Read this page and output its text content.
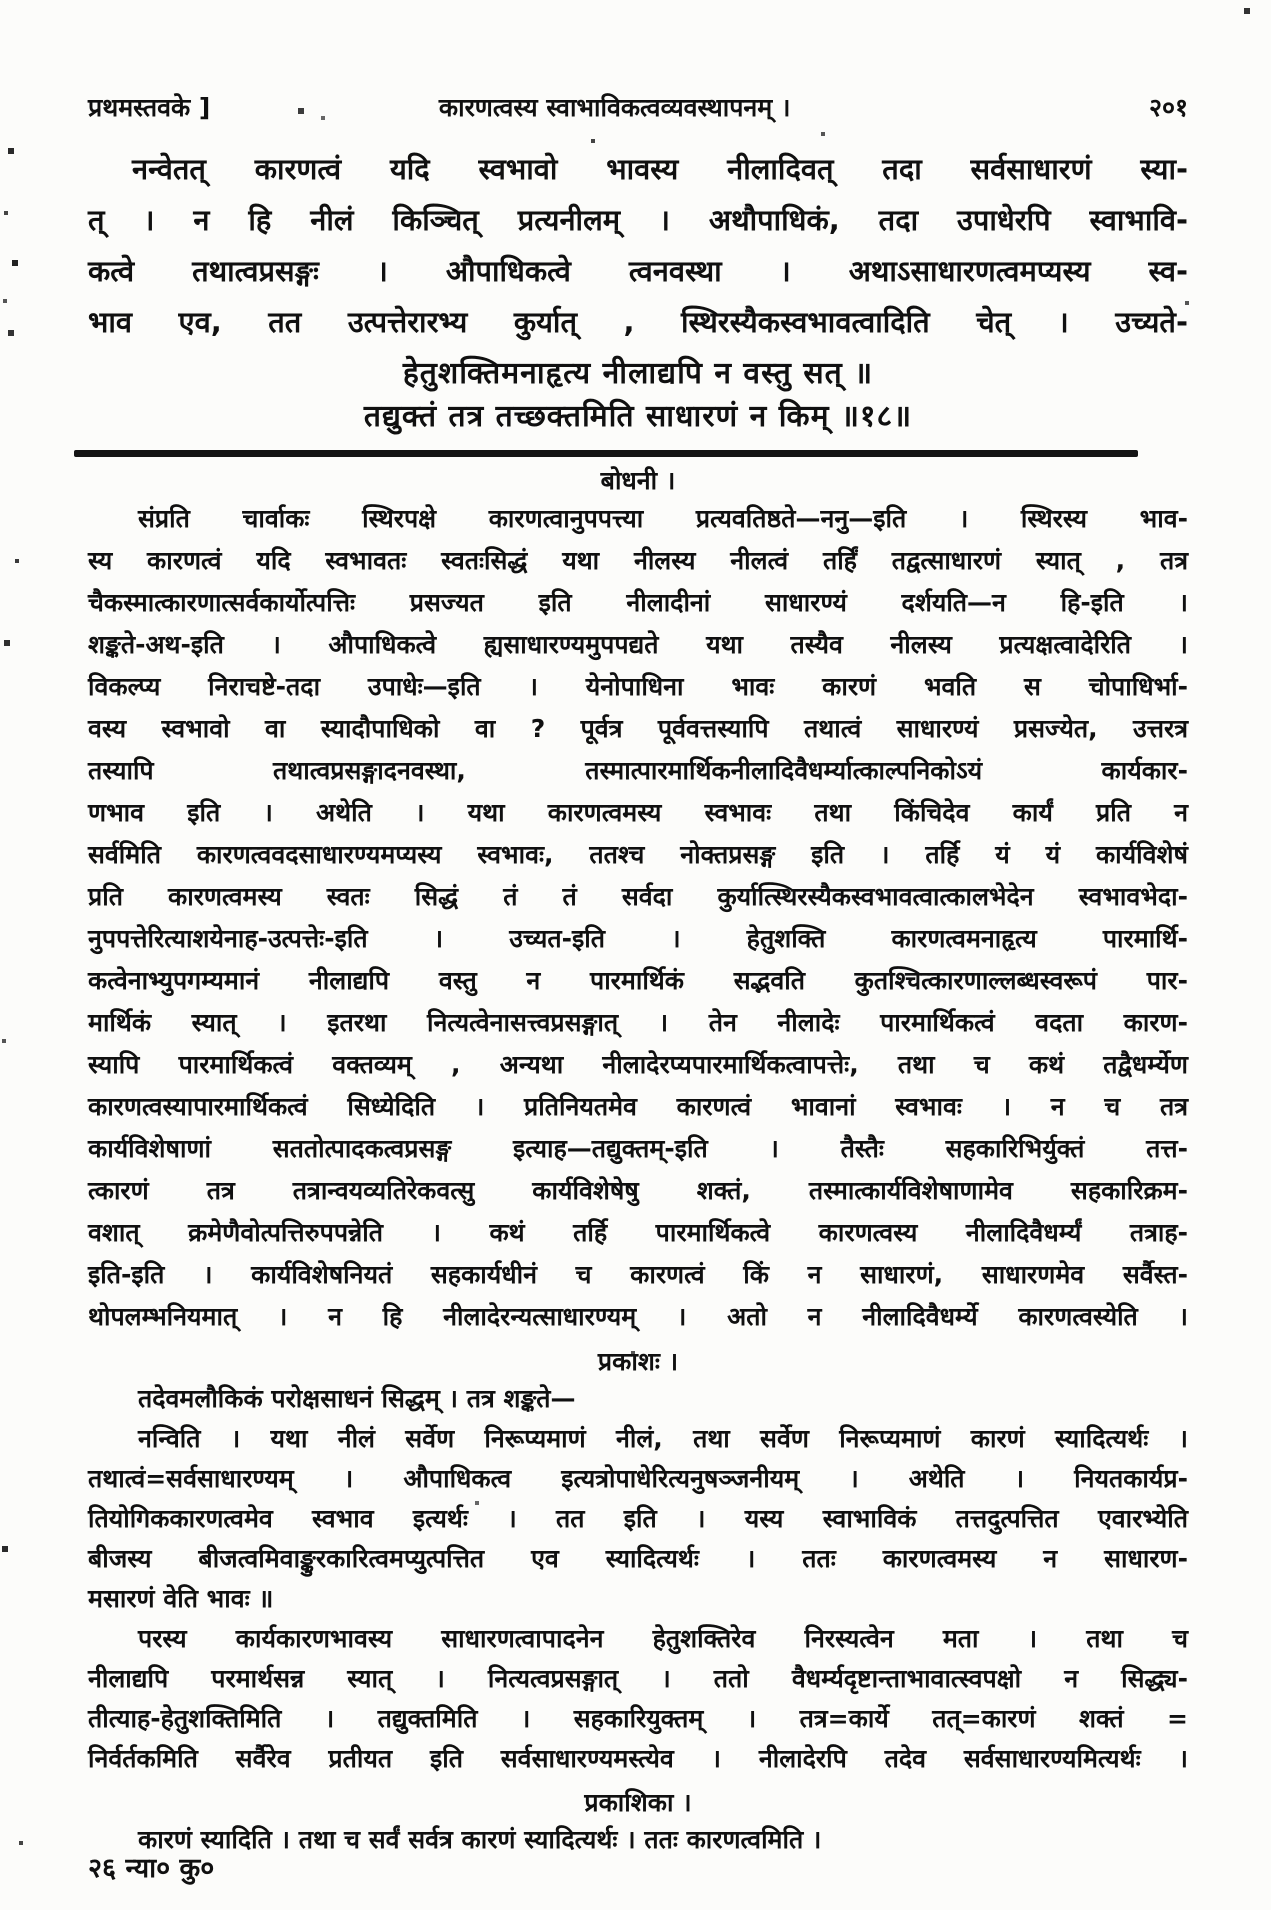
प्रथमस्तवके ]	कारणत्वस्य स्वाभाविकत्वव्यवस्थापनम् ।	२०१
नन्वेतत् कारणत्वं यदि स्वभावो भावस्य नीलादिवत् तदा सर्वसाधारणं स्या-
त् । न हि नीलं किञ्चित् प्रत्यनीलम् । अथौपाधिकं, तदा उपाधेरपि स्वाभावि-
कत्वे तथात्वप्रसङ्गः । औपाधिकत्वे त्वनवस्था । अथाऽसाधारणत्वमप्यस्य स्व-
भाव एव, तत उत्पत्तेरारभ्य कुर्यात् , स्थिरस्यैकस्वभावत्वादिति चेत् । उच्यते-
हेतुशक्तिमनाहृत्य नीलाद्यपि न वस्तु सत् ॥
तद्युक्तं तत्र तच्छक्तमिति साधारणं न किम् ॥१८॥
बोधनी ।
संप्रति चार्वाकः स्थिरपक्षे कारणत्वानुपपत्त्या प्रत्यवतिष्ठते—ननु—इति । स्थिरस्य भाव-
स्य कारणत्वं यदि स्वभावतः स्वतःसिद्धं यथा नीलस्य नीलत्वं तर्हिं तद्वत्साधारणं स्यात् , तत्र
चैकस्मात्कारणात्सर्वकार्योत्पत्तिः प्रसज्यत इति नीलादीनां साधारण्यं दर्शयति—न हि-इति ।
शङ्कते-अथ-इति । औपाधिकत्वे ह्यसाधारण्यमुपपद्यते यथा तस्यैव नीलस्य प्रत्यक्षत्वादेरिति ।
विकल्प्य निराचष्टे-तदा उपाधेः—इति । येनोपाधिना भावः कारणं भवति स चोपाधिर्भा-
वस्य स्वभावो वा स्यादौपाधिको वा ? पूर्वत्र पूर्ववत्तस्यापि तथात्वं साधारण्यं प्रसज्येत, उत्तरत्र
तस्यापि तथात्वप्रसङ्गादनवस्था, तस्मात्पारमार्थिकनीलादिवैधर्म्यात्काल्पनिकोऽयं कार्यकार-
णभाव इति । अथेति । यथा कारणत्वमस्य स्वभावः तथा किंचिदेव कार्यं प्रति न
सर्वमिति कारणत्ववदसाधारण्यमप्यस्य स्वभावः, ततश्च नोक्तप्रसङ्ग इति । तर्हि यं यं कार्यविशेषं
प्रति कारणत्वमस्य स्वतः सिद्धं तं तं सर्वदा कुर्यात्स्थिरस्यैकस्वभावत्वात्कालभेदेन स्वभावभेदा-
नुपपत्तेरित्याशयेनाह-उत्पत्तेः-इति । उच्यत-इति । हेतुशक्ति कारणत्वमनाहृत्य पारमार्थि-
कत्वेनाभ्युपगम्यमानं नीलाद्यपि वस्तु न पारमार्थिकं सद्भवति कुतश्चित्कारणाल्लब्धस्वरूपं पार-
मार्थिकं स्यात् । इतरथा नित्यत्वेनासत्त्वप्रसङ्गात् । तेन नीलादेः पारमार्थिकत्वं वदता कारण-
स्यापि पारमार्थिकत्वं वक्तव्यम् , अन्यथा नीलादेरप्यपारमार्थिकत्वापत्तेः, तथा च कथं तद्वैधर्म्येण
कारणत्वस्यापारमार्थिकत्वं सिध्येदिति । प्रतिनियतमेव कारणत्वं भावानां स्वभावः । न च तत्र
कार्यविशेषाणां सततोत्पादकत्वप्रसङ्ग इत्याह—तद्युक्तम्-इति । तैस्तैः सहकारिभिर्युक्तं तत्त-
त्कारणं तत्र तत्रान्वयव्यतिरेकवत्सु कार्यविशेषेषु शक्तं, तस्मात्कार्यविशेषाणामेव सहकारिक्रम-
वशात् क्रमेणैवोत्पत्तिरुपपन्नेति । कथं तर्हि पारमार्थिकत्वे कारणत्वस्य नीलादिवैधर्म्यं तत्राह-
इति-इति । कार्यविशेषनियतं सहकार्यधीनं च कारणत्वं किं न साधारणं, साधारणमेव सर्वैस्त-
थोपलम्भनियमात् । न हि नीलादेरन्यत्साधारण्यम् । अतो न नीलादिवैधर्म्ये कारणत्वस्येति ।
प्रकाशः ।
तदेवमलौकिकं परोक्षसाधनं सिद्धम् । तत्र शङ्कते—
नन्विति । यथा नीलं सर्वेण निरूप्यमाणं नीलं, तथा सर्वेण निरूप्यमाणं कारणं स्यादित्यर्थः ।
तथात्वं=सर्वसाधारण्यम् । औपाधिकत्व इत्यत्रोपाधेरित्यनुषञ्जनीयम् । अथेति । नियतकार्यप्र-
तियोगिककारणत्वमेव स्वभाव इत्यर्थः । तत इति । यस्य स्वाभाविकं तत्तदुत्पत्तित एवारभ्येति
बीजस्य बीजत्वमिवाङ्कुरकारित्वमप्युत्पत्तित एव स्यादित्यर्थः । ततः कारणत्वमस्य न साधारण-
मसारणं वेति भावः ॥
परस्य कार्यकारणभावस्य साधारणत्वापादनेन हेतुशक्तिरेव निरस्यत्वेन मता । तथा च
नीलाद्यपि परमार्थसन्न स्यात् । नित्यत्वप्रसङ्गात् । ततो वैधर्म्यदृष्टान्ताभावात्स्वपक्षो न सिद्ध्य-
तीत्याह-हेतुशक्तिमिति । तद्युक्तमिति । सहकारियुक्तम् । तत्र=कार्ये तत्=कारणं शक्तं =
निर्वर्तकमिति सर्वैरेव प्रतीयत इति सर्वसाधारण्यमस्त्येव । नीलादेरपि तदेव सर्वसाधारण्यमित्यर्थः ।
प्रकाशिका ।
कारणं स्यादिति । तथा च सर्वं सर्वत्र कारणं स्यादित्यर्थः । ततः कारणत्वमिति ।
२६ न्या० कु०
